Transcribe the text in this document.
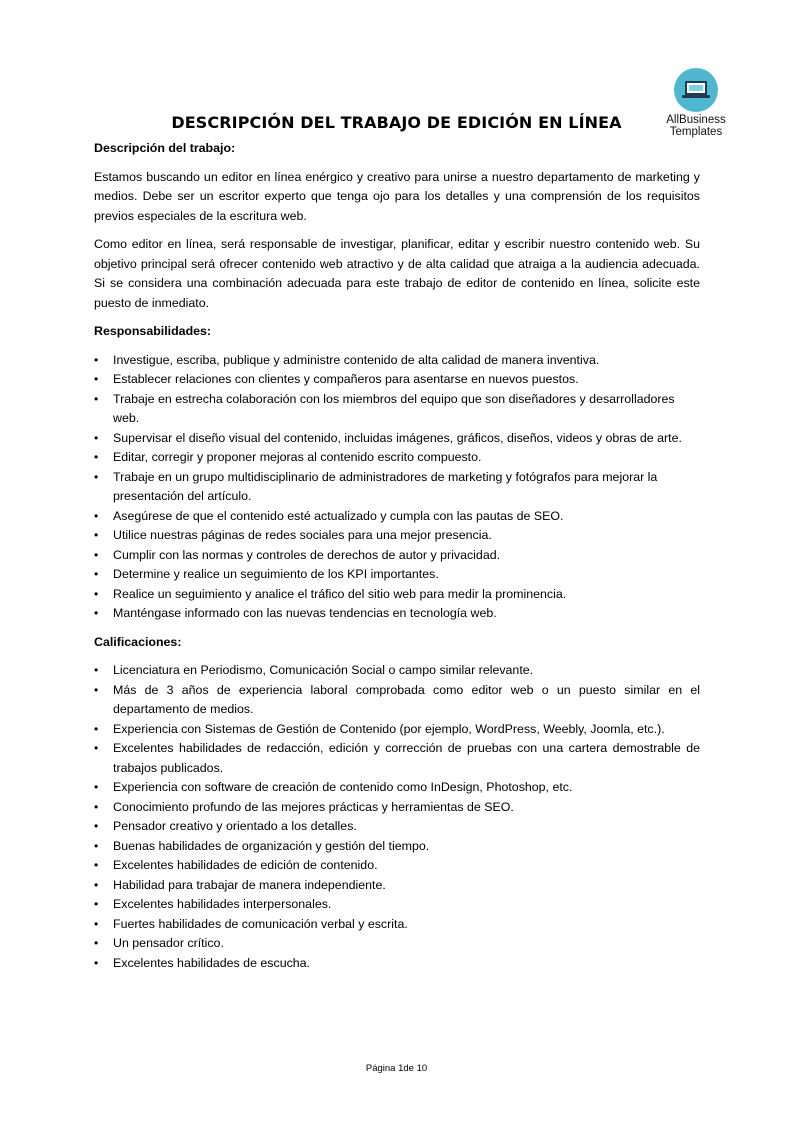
AllBusiness
Templates
DESCRIPCIÓN DEL TRABAJO DE EDICIÓN EN LÍNEA
Descripción del trabajo:

Estamos buscando un editor en línea enérgico y creativo para unirse a nuestro departamento de marketing y medios. Debe ser un escritor experto que tenga ojo para los detalles y una comprensión de los requisitos previos especiales de la escritura web.

Como editor en línea, será responsable de investigar, planificar, editar y escribir nuestro contenido web. Su objetivo principal será ofrecer contenido web atractivo y de alta calidad que atraiga a la audiencia adecuada. Si se considera una combinación adecuada para este trabajo de editor de contenido en línea, solicite este puesto de inmediato.

Responsabilidades:
• Investigue, escriba, publique y administre contenido de alta calidad de manera inventiva.
• Establecer relaciones con clientes y compañeros para asentarse en nuevos puestos.
• Trabaje en estrecha colaboración con los miembros del equipo que son diseñadores y desarrolladores web.
• Supervisar el diseño visual del contenido, incluidas imágenes, gráficos, diseños, videos y obras de arte.
• Editar, corregir y proponer mejoras al contenido escrito compuesto.
• Trabaje en un grupo multidisciplinario de administradores de marketing y fotógrafos para mejorar la presentación del artículo.
• Asegúrese de que el contenido esté actualizado y cumpla con las pautas de SEO.
• Utilice nuestras páginas de redes sociales para una mejor presencia.
• Cumplir con las normas y controles de derechos de autor y privacidad.
• Determine y realice un seguimiento de los KPI importantes.
• Realice un seguimiento y analice el tráfico del sitio web para medir la prominencia.
• Manténgase informado con las nuevas tendencias en tecnología web.
Calificaciones:
• Licenciatura en Periodismo, Comunicación Social o campo similar relevante.
• Más de 3 años de experiencia laboral comprobada como editor web o un puesto similar en el departamento de medios.
• Experiencia con Sistemas de Gestión de Contenido (por ejemplo, WordPress, Weebly, Joomla, etc.).
• Excelentes habilidades de redacción, edición y corrección de pruebas con una cartera demostrable de trabajos publicados.
• Experiencia con software de creación de contenido como InDesign, Photoshop, etc.
• Conocimiento profundo de las mejores prácticas y herramientas de SEO.
• Pensador creativo y orientado a los detalles.
• Buenas habilidades de organización y gestión del tiempo.
• Excelentes habilidades de edición de contenido.
• Habilidad para trabajar de manera independiente.
• Excelentes habilidades interpersonales.
• Fuertes habilidades de comunicación verbal y escrita.
• Un pensador crítico.
• Excelentes habilidades de escucha.
Página 1de 10
